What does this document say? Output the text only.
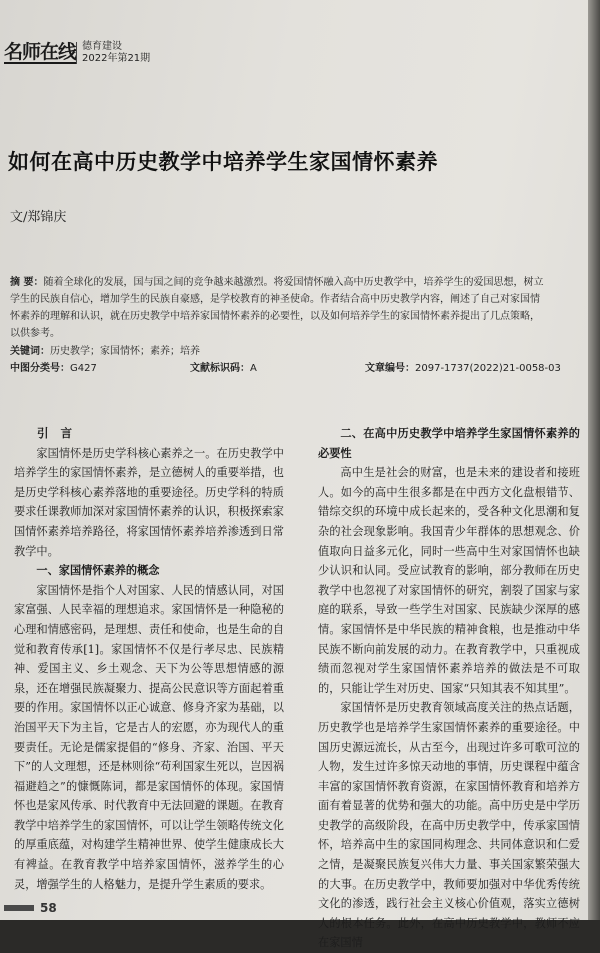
名师在线 德育建设
2022年第21期
如何在高中历史教学中培养学生家国情怀素养
文/郑锦庆
摘 要：随着全球化的发展，国与国之间的竞争越来越激烈。将爱国情怀融入高中历史教学中，培养学生的爱国思想，树立学生的民族自信心，增加学生的民族自豪感，是学校教育的神圣使命。作者结合高中历史教学内容，阐述了自己对家国情怀素养的理解和认识，就在历史教学中培养家国情怀素养的必要性，以及如何培养学生的家国情怀素养提出了几点策略，以供参考。
关键词：历史教学；家国情怀；素养；培养
中图分类号：G427	文献标识码：A	文章编号：2097-1737(2022)21-0058-03

引言

家国情怀是历史学科核心素养之一。在历史教学中培养学生的家国情怀素养，是立德树人的重要举措，也是历史学科核心素养落地的重要途径。历史学科的特质要求任课教师加深对家国情怀素养的认识，积极探索家国情怀素养培养路径，将家国情怀素养培养渗透到日常教学中。

一、家国情怀素养的概念

家国情怀是指个人对国家、人民的情感认同，对国家富强、人民幸福的理想追求。家国情怀是一种隐秘的心理和情感密码，是理想、责任和使命，也是生命的自觉和教育传承[1]。家国情怀不仅是行孝尽忠、民族精神、爱国主义、乡土观念、天下为公等思想情感的源泉，还在增强民族凝聚力、提高公民意识等方面起着重要的作用。家国情怀以正心诚意、修身齐家为基础，以治国平天下为主旨，它是古人的宏愿，亦为现代人的重要责任。无论是儒家提倡的“修身、齐家、治国、平天下”的人文理想，还是林则徐“苟利国家生死以，岂因祸福避趋之”的慷慨陈词，都是家国情怀的体现。家国情怀也是家风传承、时代教育中无法回避的课题。在教育教学中培养学生的家国情怀，可以让学生领略传统文化的厚重底蕴，对构建学生精神世界、使学生健康成长大有裨益。在教育教学中培养家国情怀，滋养学生的心灵，增强学生的人格魅力，是提升学生素质的要求。

二、在高中历史教学中培养学生家国情怀素养的必要性

高中生是社会的财富，也是未来的建设者和接班人。如今的高中生很多都是在中西方文化盘根错节、错综交织的环境中成长起来的，受各种文化思潮和复杂的社会现象影响。我国青少年群体的思想观念、价值取向日益多元化，同时一些高中生对家国情怀也缺少认识和认同。受应试教育的影响，部分教师在历史教学中也忽视了对家国情怀的研究，割裂了国家与家庭的联系，导致一些学生对国家、民族缺少深厚的感情。家国情怀是中华民族的精神食粮，也是推动中华民族不断向前发展的动力。在教育教学中，只重视成绩而忽视对学生家国情怀素养培养的做法是不可取的，只能让学生对历史、国家“只知其表不知其里”。

家国情怀是历史教育领域高度关注的热点话题，历史教学也是培养学生家国情怀素养的重要途径。中国历史源远流长，从古至今，出现过许多可歌可泣的人物，发生过许多惊天动地的事情，历史课程中蕴含丰富的家国情怀教育资源，在家国情怀教育和培养方面有着显著的优势和强大的功能。高中历史是中学历史教学的高级阶段，在高中历史教学中，传承家国情怀，培养高中生的家国同构理念、共同体意识和仁爱之情，是凝聚民族复兴伟大力量、事关国家繁荣强大的大事。在历史教学中，教师要加强对中华优秀传统文化的渗透，践行社会主义核心价值观，落实立德树人的根本任务。此外，在高中历史教学中，教师不应在家国情

58
